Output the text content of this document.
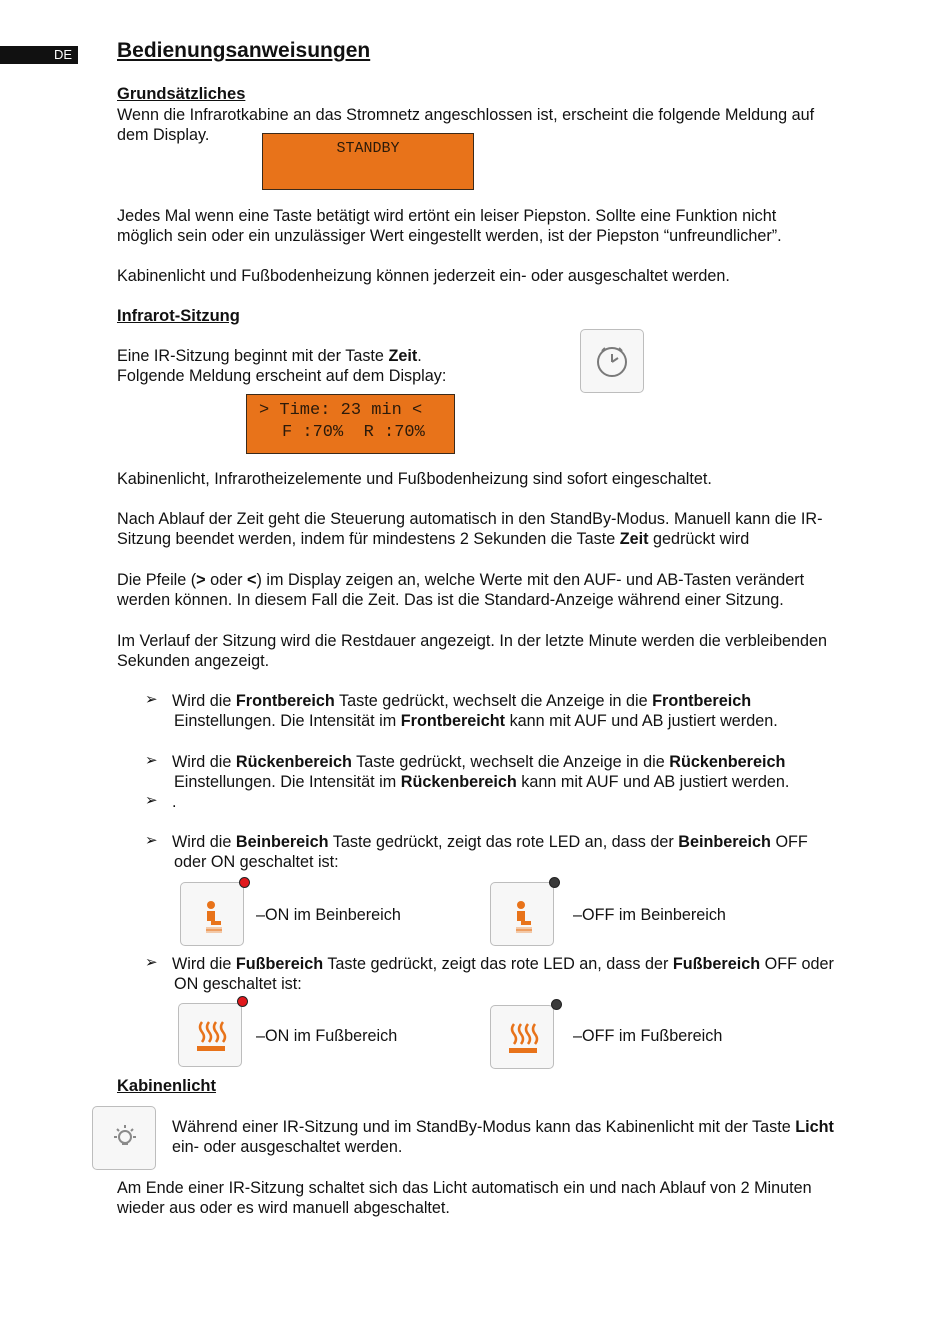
DE Bedienungsanweisungen
Grundsätzliches
Wenn die Infrarotkabine an das Stromnetz angeschlossen ist, erscheint die folgende Meldung auf
dem Display.
STANDBY
Jedes Mal wenn eine Taste betätigt wird ertönt ein leiser Piepston. Sollte eine Funktion nicht
möglich sein oder ein unzulässiger Wert eingestellt werden, ist der Piepston “unfreundlicher”.
Kabinenlicht und Fußbodenheizung können jederzeit ein- oder ausgeschaltet werden.
Infrarot-Sitzung
Eine IR-Sitzung beginnt mit der Taste Zeit.
Folgende Meldung erscheint auf dem Display:
> Time: 23 min <
F :70%  R :70%
Kabinenlicht, Infrarotheizelemente und Fußbodenheizung sind sofort eingeschaltet.
Nach Ablauf der Zeit geht die Steuerung automatisch in den StandBy-Modus. Manuell kann die IR-
Sitzung beendet werden, indem für mindestens 2 Sekunden die Taste Zeit gedrückt wird
Die Pfeile (> oder <) im Display zeigen an, welche Werte mit den AUF- und AB-Tasten verändert
werden können. In diesem Fall die Zeit. Das ist die Standard-Anzeige während einer Sitzung.
Im Verlauf der Sitzung wird die Restdauer angezeigt. In der letzte Minute werden die verbleibenden
Sekunden angezeigt.
➢ Wird die Frontbereich Taste gedrückt, wechselt die Anzeige in die Frontbereich
Einstellungen. Die Intensität im Frontbereicht kann mit AUF und AB justiert werden.
➢ Wird die Rückenbereich Taste gedrückt, wechselt die Anzeige in die Rückenbereich
Einstellungen. Die Intensität im Rückenbereich kann mit AUF und AB justiert werden.
➢ .
➢ Wird die Beinbereich Taste gedrückt, zeigt das rote LED an, dass der Beinbereich OFF
oder ON geschaltet ist:
–ON im Beinbereich	–OFF im Beinbereich
➢ Wird die Fußbereich Taste gedrückt, zeigt das rote LED an, dass der Fußbereich OFF oder
ON geschaltet ist:
–ON im Fußbereich	–OFF im Fußbereich
Kabinenlicht
Während einer IR-Sitzung und im StandBy-Modus kann das Kabinenlicht mit der Taste Licht
ein- oder ausgeschaltet werden.
Am Ende einer IR-Sitzung schaltet sich das Licht automatisch ein und nach Ablauf von 2 Minuten
wieder aus oder es wird manuell abgeschaltet.
